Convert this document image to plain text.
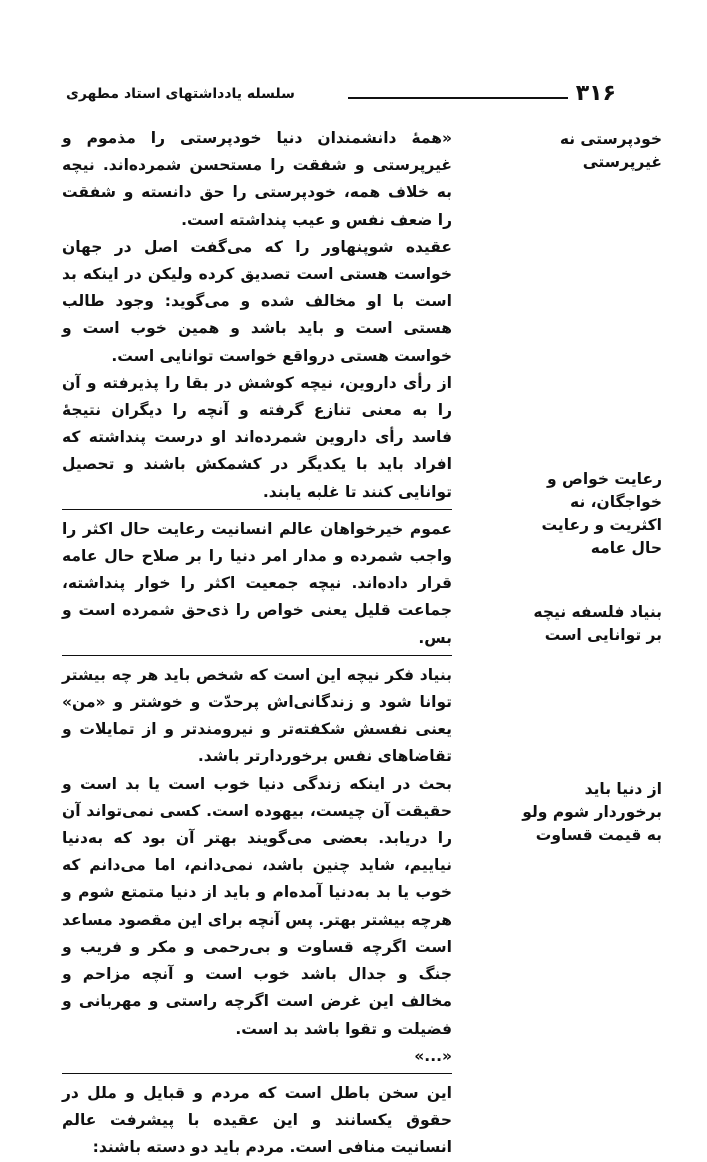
۳۱۶
سلسله یادداشتهای استاد مطهری
خودپرستی نه غیرپرستی
رعایت خواص و خواجگان، نه اکثریت و رعایت حال عامه
بنیاد فلسفه نیچه بر توانایی است
از دنیا باید برخوردار شوم ولو به قیمت قساوت

«همهٔ دانشمندان دنیا خودپرستی را مذموم و غیرپرستی و شفقت را مستحسن شمرده‌اند. نیچه به خلاف همه، خودپرستی را حق دانسته و شفقت را ضعف نفس و عیب پنداشته است.

عقیده شوپنهاور را که می‌گفت اصل در جهان خواست هستی است تصدیق کرده ولیکن در اینکه بد است با او مخالف شده و می‌گوید: وجود طالب هستی است و باید باشد و همین خوب است و خواست هستی درواقع خواست توانایی است.

از رأی داروین، نیچه کوشش در بقا را پذیرفته و آن را به معنی تنازع گرفته و آنچه را دیگران نتیجهٔ فاسد رأی داروین شمرده‌اند او درست پنداشته که افراد باید با یکدیگر در کشمکش باشند و تحصیل توانایی کنند تا غلبه یابند.

عموم خیرخواهان عالم انسانیت رعایت حال اکثر را واجب شمرده و مدار امر دنیا را بر صلاح حال عامه قرار داده‌اند. نیچه جمعیت اکثر را خوار پنداشته، جماعت قلیل یعنی خواص را ذی‌حق شمرده است و بس.

بنیاد فکر نیچه این است که شخص باید هر چه بیشتر توانا شود و زندگانی‌اش پرحدّت و خوشتر و «من» یعنی نفسش شکفته‌تر و نیرومندتر و از تمایلات و تقاضاهای نفس برخوردارتر باشد.

بحث در اینکه زندگی دنیا خوب است یا بد است و حقیقت آن چیست، بیهوده است. کسی نمی‌تواند آن را دریابد. بعضی می‌گویند بهتر آن بود که به‌دنیا نیاییم، شاید چنین باشد، نمی‌دانم، اما می‌دانم که خوب یا بد به‌دنیا آمده‌ام و باید از دنیا متمتع شوم و هرچه بیشتر بهتر. پس آنچه برای این مقصود مساعد است اگرچه قساوت و بی‌رحمی و مکر و فریب و جنگ و جدال باشد خوب است و آنچه مزاحم و مخالف این غرض است اگرچه راستی و مهربانی و فضیلت و تقوا باشد بد است.

«...»

این سخن باطل است که مردم و قبایل و ملل در حقوق یکسانند و این عقیده با پیشرفت عالم انسانیت منافی است. مردم باید دو دسته باشند:
